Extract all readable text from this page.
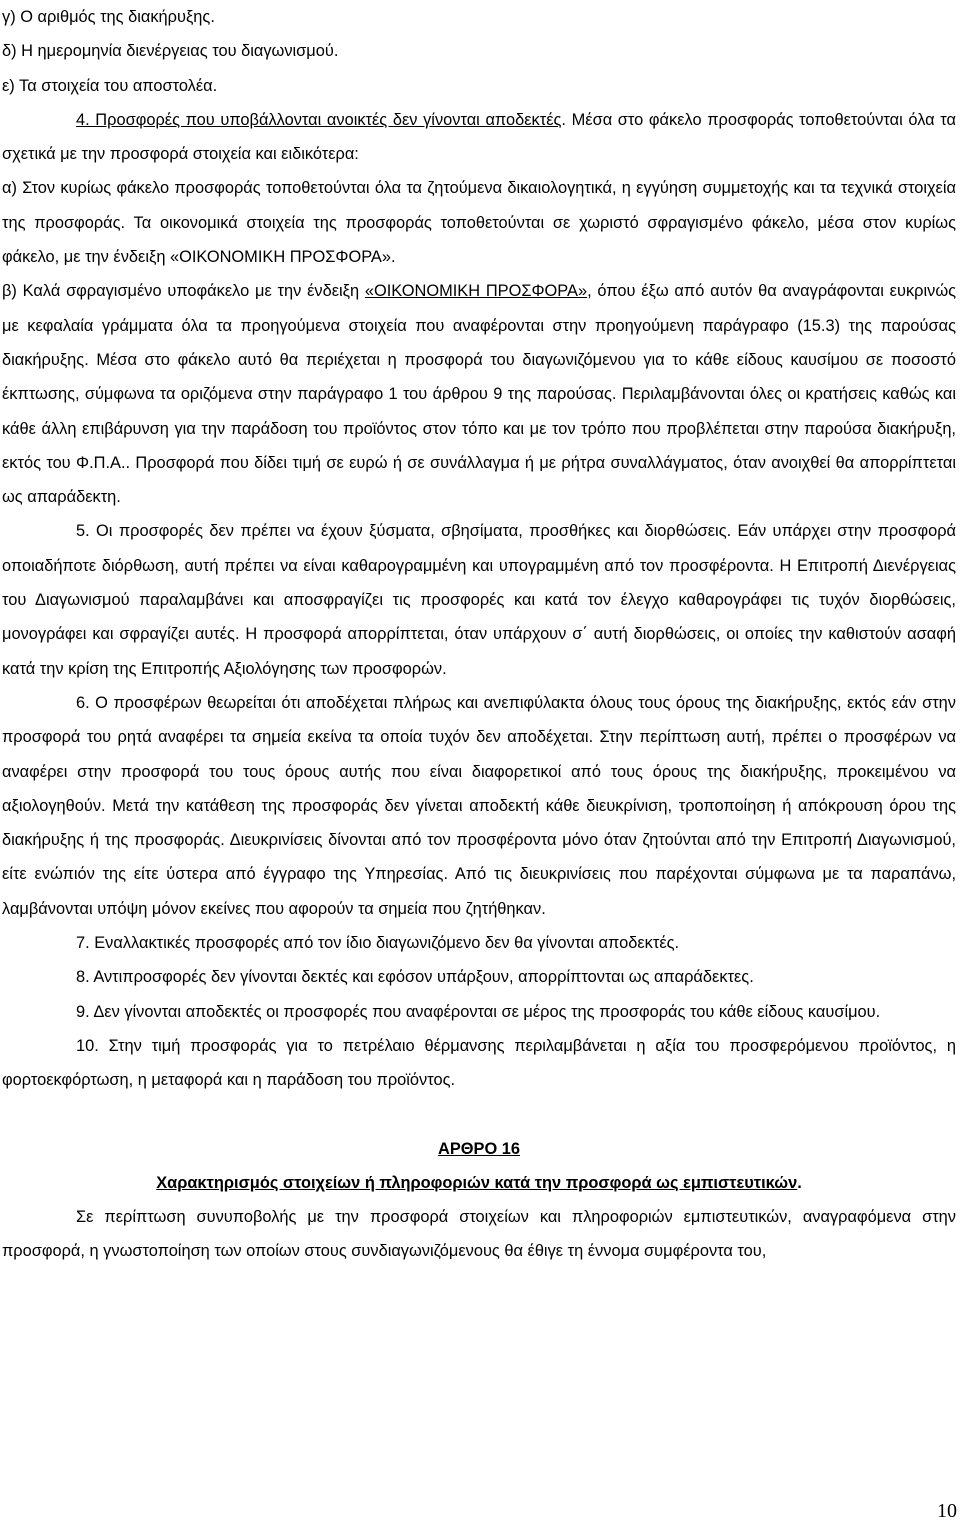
γ) Ο αριθμός της διακήρυξης.

δ) Η ημερομηνία διενέργειας του διαγωνισμού.

ε) Τα στοιχεία του αποστολέα.

4. Προσφορές που υποβάλλονται ανοικτές δεν γίνονται αποδεκτές. Μέσα στο φάκελο προσφοράς τοποθετούνται όλα τα σχετικά με την προσφορά στοιχεία και ειδικότερα:

α) Στον κυρίως φάκελο προσφοράς τοποθετούνται όλα τα ζητούμενα δικαιολογητικά, η εγγύηση συμμετοχής και τα τεχνικά στοιχεία της προσφοράς. Τα οικονομικά στοιχεία της προσφοράς τοποθετούνται σε χωριστό σφραγισμένο φάκελο, μέσα στον κυρίως φάκελο, με την ένδειξη «ΟΙΚΟΝΟΜΙΚΗ ΠΡΟΣΦΟΡΑ».

β) Καλά σφραγισμένο υποφάκελο με την ένδειξη «ΟΙΚΟΝΟΜΙΚΗ ΠΡΟΣΦΟΡΑ», όπου έξω από αυτόν θα αναγράφονται ευκρινώς με κεφαλαία γράμματα όλα τα προηγούμενα στοιχεία που αναφέρονται στην προηγούμενη παράγραφο (15.3) της παρούσας διακήρυξης. Μέσα στο φάκελο αυτό θα περιέχεται η προσφορά του διαγωνιζόμενου για το κάθε είδους καυσίμου σε ποσοστό έκπτωσης, σύμφωνα τα οριζόμενα στην παράγραφο 1 του άρθρου 9 της παρούσας. Περιλαμβάνονται όλες οι κρατήσεις καθώς και κάθε άλλη επιβάρυνση για την παράδοση του προϊόντος στον τόπο και με τον τρόπο που προβλέπεται στην παρούσα διακήρυξη, εκτός του Φ.Π.Α.. Προσφορά που δίδει τιμή σε ευρώ ή σε συνάλλαγμα ή με ρήτρα συναλλάγματος, όταν ανοιχθεί θα απορρίπτεται ως απαράδεκτη.

5. Οι προσφορές δεν πρέπει να έχουν ξύσματα, σβησίματα, προσθήκες και διορθώσεις. Εάν υπάρχει στην προσφορά οποιαδήποτε διόρθωση, αυτή πρέπει να είναι καθαρογραμμένη και υπογραμμένη από τον προσφέροντα. Η Επιτροπή Διενέργειας του Διαγωνισμού παραλαμβάνει και αποσφραγίζει τις προσφορές και κατά τον έλεγχο καθαρογράφει τις τυχόν διορθώσεις, μονογράφει και σφραγίζει αυτές. Η προσφορά απορρίπτεται, όταν υπάρχουν σ΄ αυτή διορθώσεις, οι οποίες την καθιστούν ασαφή κατά την κρίση της Επιτροπής Αξιολόγησης των προσφορών.

6. Ο προσφέρων θεωρείται ότι αποδέχεται πλήρως και ανεπιφύλακτα όλους τους όρους της διακήρυξης, εκτός εάν στην προσφορά του ρητά αναφέρει τα σημεία εκείνα τα οποία τυχόν δεν αποδέχεται. Στην περίπτωση αυτή, πρέπει ο προσφέρων να αναφέρει στην προσφορά του τους όρους αυτής που είναι διαφορετικοί από τους όρους της διακήρυξης, προκειμένου να αξιολογηθούν. Μετά την κατάθεση της προσφοράς δεν γίνεται αποδεκτή κάθε διευκρίνιση, τροποποίηση ή απόκρουση όρου της διακήρυξης ή της προσφοράς. Διευκρινίσεις δίνονται από τον προσφέροντα μόνο όταν ζητούνται από την Επιτροπή Διαγωνισμού, είτε ενώπιόν της είτε ύστερα από έγγραφο της Υπηρεσίας. Από τις διευκρινίσεις που παρέχονται σύμφωνα με τα παραπάνω, λαμβάνονται υπόψη μόνον εκείνες που αφορούν τα σημεία που ζητήθηκαν.

7. Εναλλακτικές προσφορές από τον ίδιο διαγωνιζόμενο δεν θα γίνονται αποδεκτές.

8. Αντιπροσφορές δεν γίνονται δεκτές και εφόσον υπάρξουν, απορρίπτονται ως απαράδεκτες.

9. Δεν γίνονται αποδεκτές οι προσφορές που αναφέρονται σε μέρος της προσφοράς του κάθε είδους καυσίμου.

10. Στην τιμή προσφοράς για το πετρέλαιο θέρμανσης περιλαμβάνεται η αξία του προσφερόμενου προϊόντος, η φορτοεκφόρτωση, η μεταφορά και η παράδοση του προϊόντος.

ΑΡΘΡΟ 16

Χαρακτηρισμός στοιχείων ή πληροφοριών κατά την προσφορά ως εμπιστευτικών.

Σε περίπτωση συνυποβολής με την προσφορά στοιχείων και πληροφοριών εμπιστευτικών, αναγραφόμενα στην προσφορά, η γνωστοποίηση των οποίων στους συνδιαγωνιζόμενους θα έθιγε τη έννομα συμφέροντα του,

10
